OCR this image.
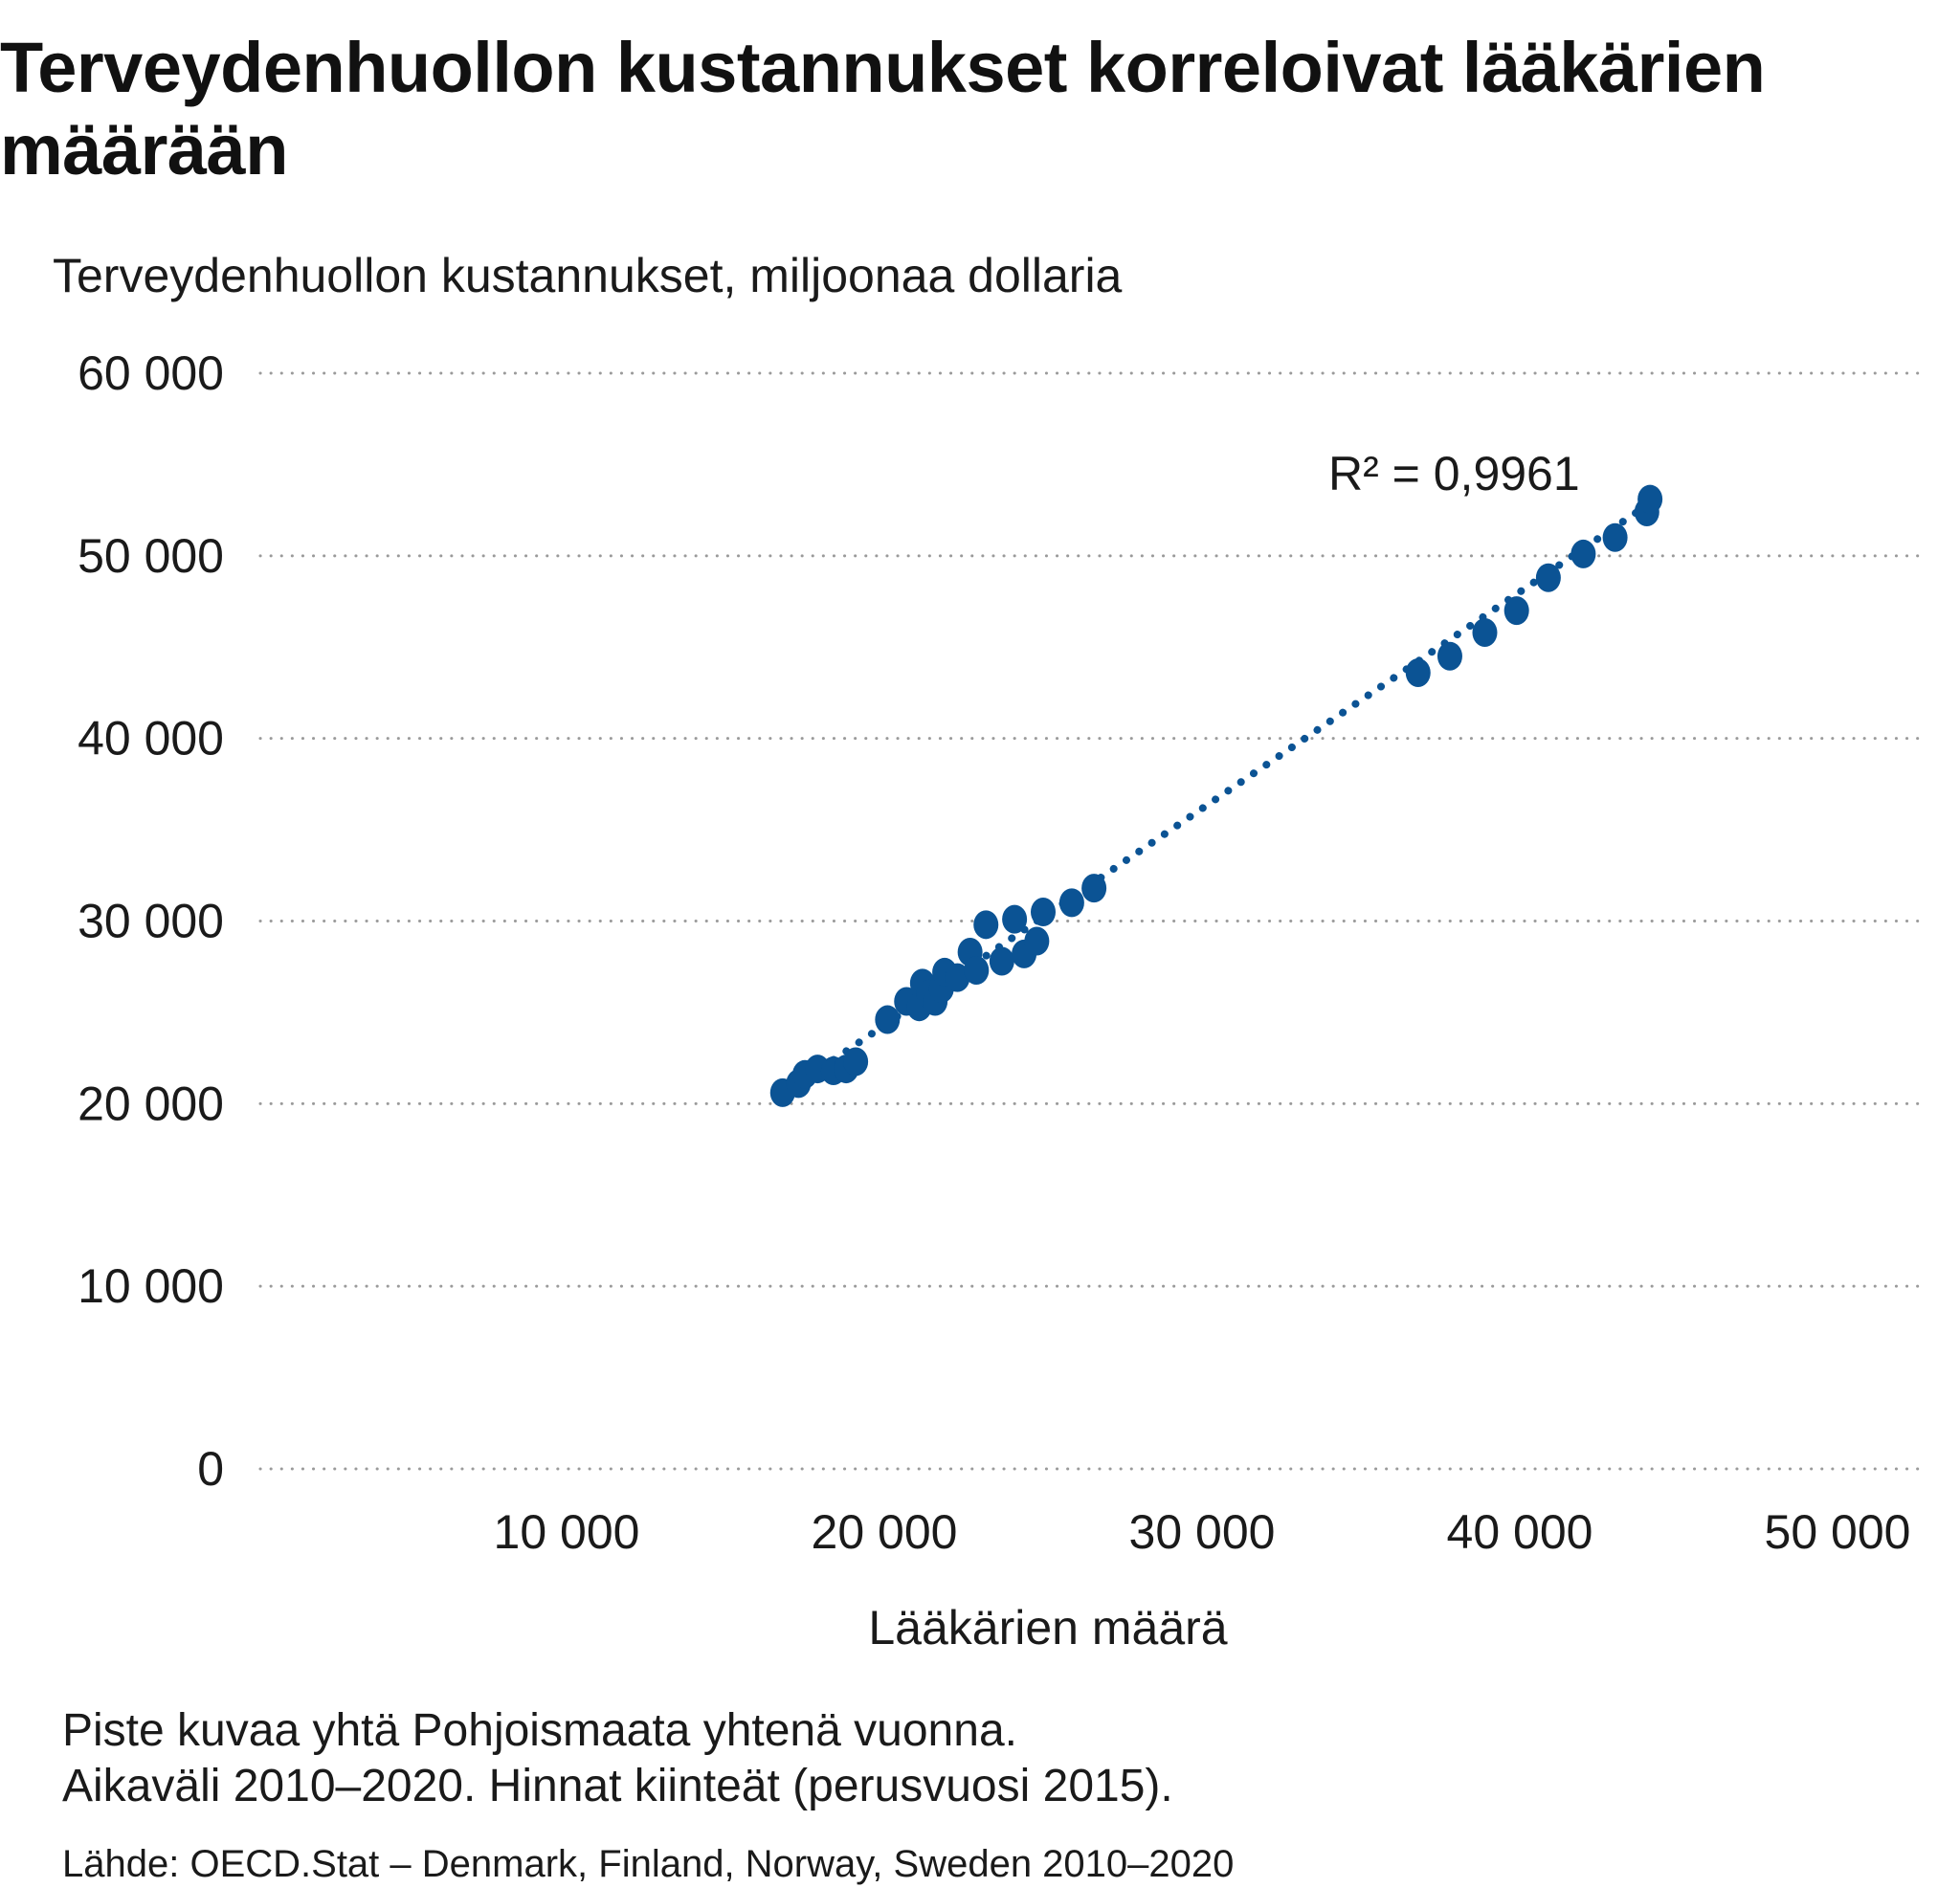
Terveydenhuollon kustannukset korreloivat lääkärien määrään
Terveydenhuollon kustannukset, miljoonaa dollaria
0
10 000
20 000
30 000
40 000
50 000
60 000
10 000	20 000	30 000	40 000	50 000
R² = 0,9961
Lääkärien määrä
Piste kuvaa yhtä Pohjoismaata yhtenä vuonna.
Aikaväli 2010–2020. Hinnat kiinteät (perusvuosi 2015).
Lähde: OECD.Stat – Denmark, Finland, Norway, Sweden 2010–2020
